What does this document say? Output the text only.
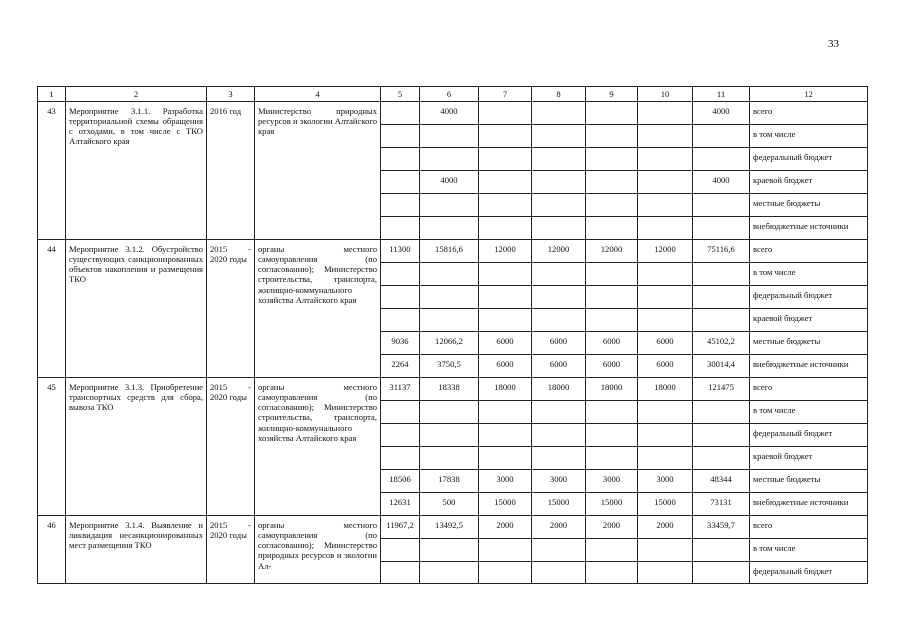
33
1	2	3	4	5	6	7	8	9	10	11	12
43	Мероприятие 3.1.1. Разработка территориальной схемы обращения с отходами, в том числе с ТКО Алтайского края	2016 год	Министерство природных ресурсов и экологии Алтайского края		4000					4000	всего
											в том числе
											федеральный бюджет
					4000					4000	краевой бюджет
											местные бюджеты
											внебюджетные источники
44	Мероприятие 3.1.2. Обустройство существующих санкционированных объектов накопления и размещения ТКО	2015 -
2020 годы	органы местного самоуправления (по согласованию); Министерство строительства, транспорта, жилищно-коммунального хозяйства Алтайского края	11300	15816,6	12000	12000	12000	12000	75116,6	всего
											в том числе
											федеральный бюджет
											краевой бюджет
				9036	12066,2	6000	6000	6000	6000	45102,2	местные бюджеты
				2264	3750,5	6000	6000	6000	6000	30014,4	внебюджетные источники
45	Мероприятие 3.1.3. Приобретение транспортных средств для сбора, вывоза ТКО	2015 -
2020 годы	органы местного самоуправления (по согласованию); Министерство строительства, транспорта, жилищно-коммунального хозяйства Алтайского края	31137	18338	18000	18000	18000	18000	121475	всего
											в том числе
											федеральный бюджет
											краевой бюджет
				18506	17838	3000	3000	3000	3000	48344	местные бюджеты
				12631	500	15000	15000	15000	15000	73131	внебюджетные источники
46	Мероприятие 3.1.4. Выявление и ликвидация несанкционированных мест размещения ТКО	2015 -
2020 годы	органы местного самоуправления (по согласованию); Министерство природных ресурсов и экологии Ал-	11967,2	13492,5	2000	2000	2000	2000	33459,7	всего
											в том числе
											федеральный бюджет
